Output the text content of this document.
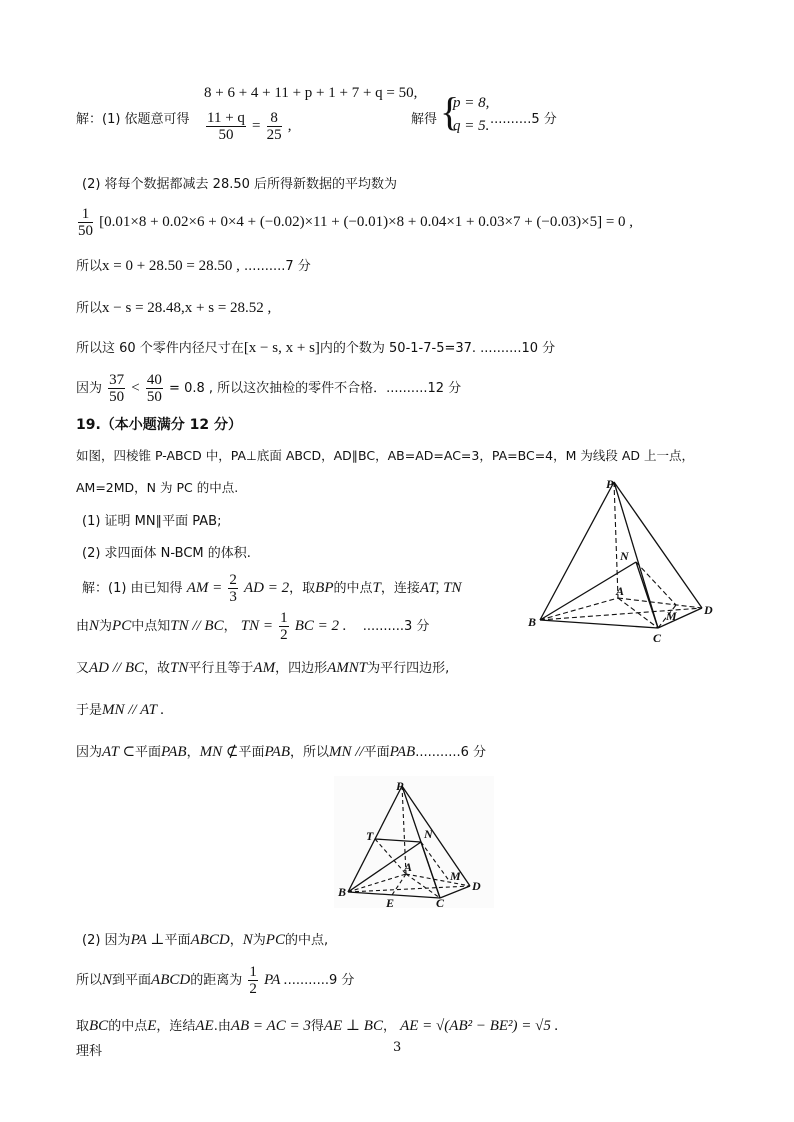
解：(1) 依题意可得
8 + 6 + 4 + 11 + p + 1 + 7 + q = 50,
$\frac{11 + q}{50} = \frac{8}{25}$ ,	解得 {
p = 8,
q = 5. ..........5 分
(2) 将每个数据都减去 28.50 后所得新数据的平均数为
$\frac{1}{50} [0.01\times 8 + 0.02\times 6 + 0\times 4 + (-0.02)\times 11 + (-0.01)\times 8 + 0.04\times 1 + 0.03\times 7 + (-0.03)\times 5] = 0$ ,
所以x = 0 + 28.50 = 28.50 , ..........7 分
所以x − s = 28.48,x + s = 28.52 ,
所以这 60 个零件内径尺寸在[x − s, x + s]内的个数为 50-1-7-5=37. ..........10 分
因为 $\frac{37}{50} < \frac{40}{50} = 0.8$ , 所以这次抽检的零件不合格．..........12 分
19.（本小题满分 12 分）
如图，四棱锥 P-ABCD 中，PA⊥底面 ABCD，AD∥BC，AB=AD=AC=3，PA=BC=4，M 为线段 AD 上一点，
AM=2MD，N 为 PC 的中点.
(1) 证明 MN∥平面 PAB;
(2) 求四面体 N-BCM 的体积.
P
N
A
M D
B
C
解：(1) 由已知得 AM = $\frac{2}{3}$ AD = 2，取BP的中点T，连接AT, TN
由N为PC中点知TN // BC， TN = $\frac{1}{2}$ BC = 2 . ..........3 分
又AD // BC，故TN平行且等于AM，四边形AMNT为平行四边形,
于是MN // AT .
因为AT ⊂平面PAB，MN ⊄平面PAB，所以MN //平面PAB...........6 分
P
T	N
A
M
D
B
E	C
(2) 因为PA ⊥平面ABCD，N为PC的中点,
所以N到平面ABCD的距离为 $\frac{1}{2}$ PA ...........9 分
取BC的中点E，连结AE.由AB = AC = 3得AE ⊥ BC， AE = √(AB² − BE²) = √5 .
理科	3
